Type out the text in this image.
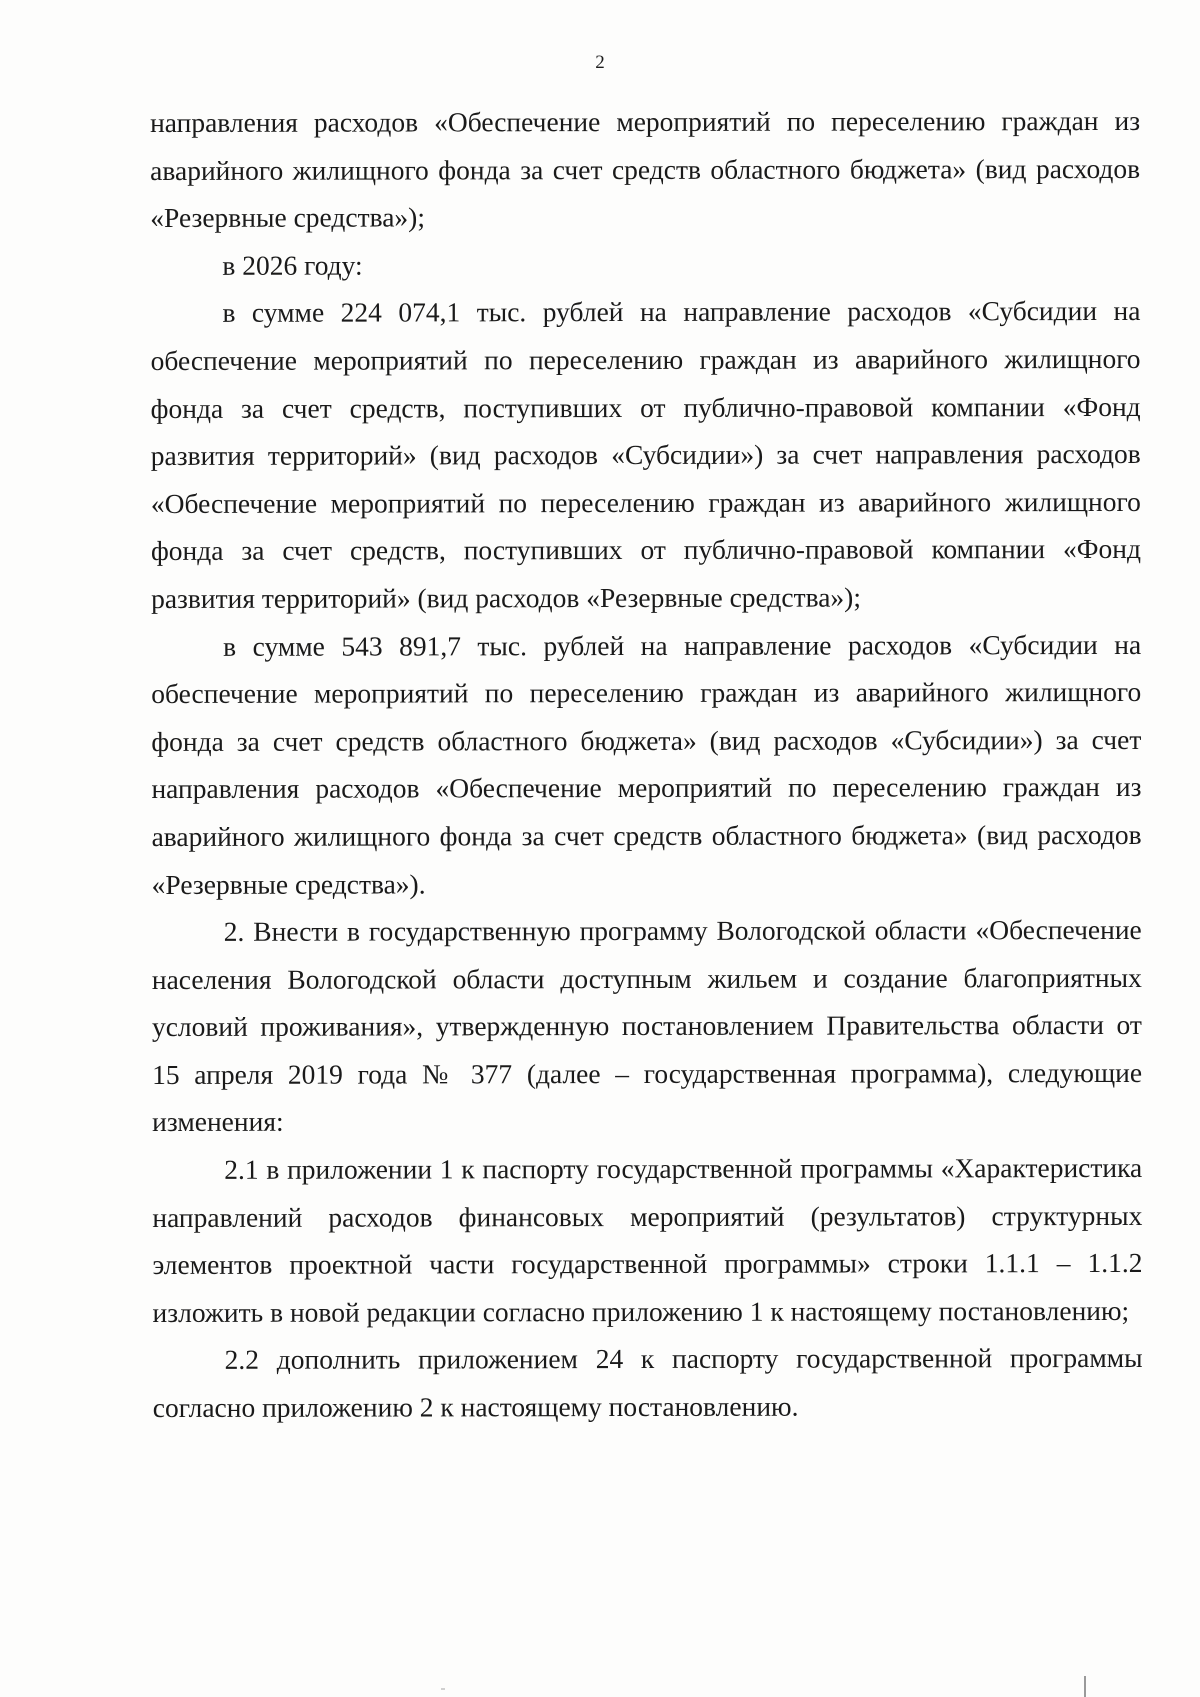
2

направления расходов «Обеспечение мероприятий по переселению граждан из аварийного жилищного фонда за счет средств областного бюджета» (вид расходов «Резервные средства»);

в 2026 году:

в сумме 224 074,1 тыс. рублей на направление расходов «Субсидии на обеспечение мероприятий по переселению граждан из аварийного жилищного фонда за счет средств, поступивших от публично-правовой компании «Фонд развития территорий» (вид расходов «Субсидии») за счет направления расходов «Обеспечение мероприятий по переселению граждан из аварийного жилищного фонда за счет средств, поступивших от публично-правовой компании «Фонд развития территорий» (вид расходов «Резервные средства»);

в сумме 543 891,7 тыс. рублей на направление расходов «Субсидии на обеспечение мероприятий по переселению граждан из аварийного жилищного фонда за счет средств областного бюджета» (вид расходов «Субсидии») за счет направления расходов «Обеспечение мероприятий по переселению граждан из аварийного жилищного фонда за счет средств областного бюджета» (вид расходов «Резервные средства»).

2. Внести в государственную программу Вологодской области «Обеспечение населения Вологодской области доступным жильем и создание благоприятных условий проживания», утвержденную постановлением Правительства области от 15 апреля 2019 года № 377 (далее – государственная программа), следующие изменения:

2.1 в приложении 1 к паспорту государственной программы «Характеристика направлений расходов финансовых мероприятий (результатов) структурных элементов проектной части государственной программы» строки 1.1.1 – 1.1.2 изложить в новой редакции согласно приложению 1 к настоящему постановлению;

2.2 дополнить приложением 24 к паспорту государственной программы согласно приложению 2 к настоящему постановлению.
